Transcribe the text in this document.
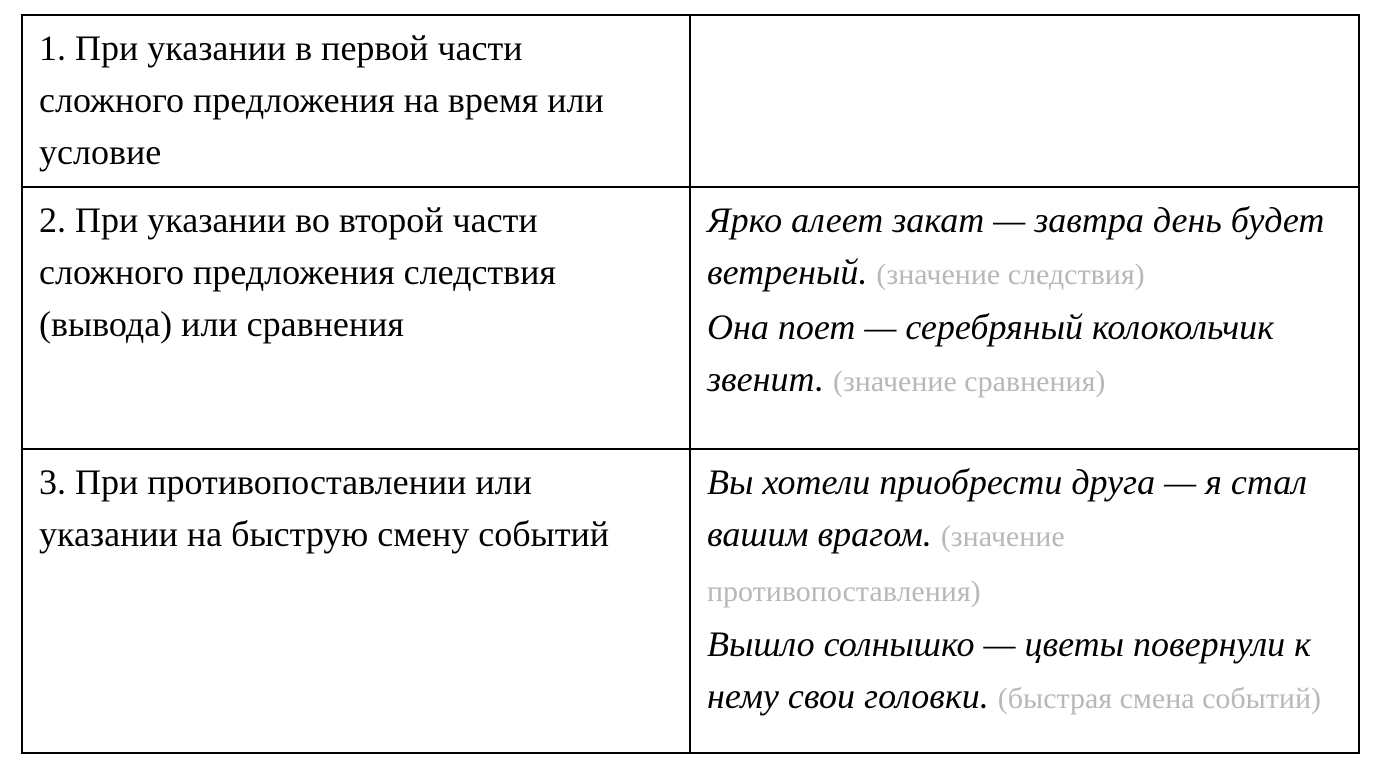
1. При указании в первой части сложного предложения на время или условие	
2. При указании во второй части сложного предложения следствия (вывода) или сравнения	Ярко алеет закат — завтра день будет ветреный. (значение следствия)
Она поет — серебряный колокольчик звенит. (значение сравнения)

3. При противопоставлении или указании на быструю смену событий	Вы хотели приобрести друга — я стал вашим врагом. (значение противопоставления)
Вышло солнышко — цветы повернули к нему свои головки. (быстрая смена событий)
